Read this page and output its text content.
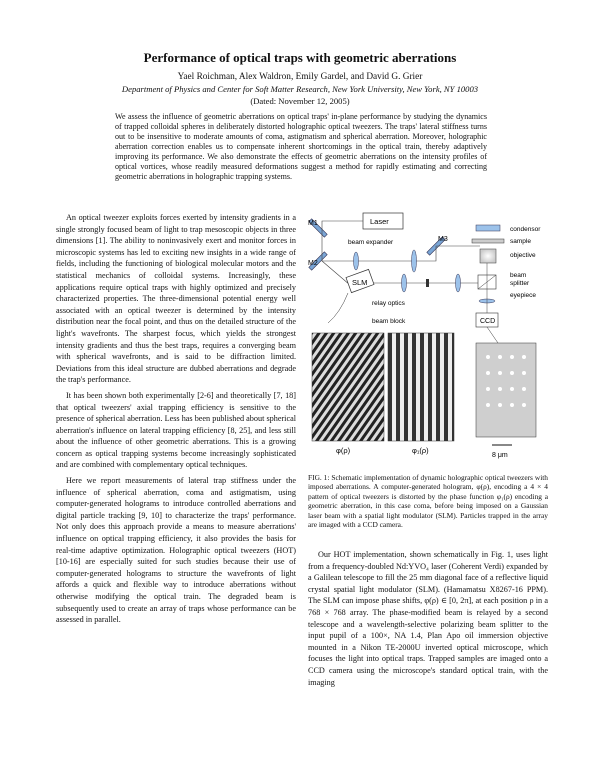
Performance of optical traps with geometric aberrations
Yael Roichman, Alex Waldron, Emily Gardel, and David G. Grier
Department of Physics and Center for Soft Matter Research, New York University, New York, NY 10003
(Dated: November 12, 2005)
We assess the influence of geometric aberrations on optical traps' in-plane performance by studying the dynamics of trapped colloidal spheres in deliberately distorted holographic optical tweezers. The traps' lateral stiffness turns out to be insensitive to moderate amounts of coma, astigmatism and spherical aberration. Moreover, holographic aberration correction enables us to compensate inherent shortcomings in the optical train, thereby adaptively improving its performance. We also demonstrate the effects of geometric aberrations on the intensity profiles of optical vortices, whose readily measured deformations suggest a method for rapidly estimating and correcting geometric aberrations in holographic trapping systems.

An optical tweezer exploits forces exerted by intensity gradients in a single strongly focused beam of light to trap mesoscopic objects in three dimensions [1]. The ability to noninvasively exert and monitor forces in microscopic systems has led to exciting new insights in a wide range of fields, including the functioning of biological molecular motors and the statistical mechanics of colloidal systems. Increasingly, these applications require optical traps with highly optimized and precisely characterized properties. The three-dimensional potential energy well associated with an optical tweezer is determined by the intensity distribution near the focal point, and thus on the detailed structure of the light's wavefronts. The sharpest focus, which yields the strongest intensity gradients and thus the best traps, requires a converging beam with spherical wavefronts, and is said to be diffraction limited. Deviations from this ideal structure are dubbed aberrations and degrade the trap's performance.

It has been shown both experimentally [2-6] and theoretically [7, 18] that optical tweezers' axial trapping efficiency is sensitive to the presence of spherical aberration. Less has been published about spherical aberration's influence on lateral trapping efficiency [8, 25], and less still about the influence of other geometric aberrations. This is a growing concern as optical trapping systems become increasingly sophisticated and are combined with complementary optical techniques.

Here we report measurements of lateral trap stiffness under the influence of spherical aberration, coma and astigmatism, using computer-generated holograms to introduce controlled aberrations and digital particle tracking [9, 10] to characterize the traps' performance. Not only does this approach provide a means to measure aberrations' influence on optical trapping efficiency, it also provides the basis for real-time adaptive optimization. Holographic optical tweezers (HOT) [10-16] are especially suited for such studies because their use of computer-generated holograms to structure the wavefronts of light affords a quick and flexible way to introduce aberrations without otherwise modifying the optical train. The degraded beam is subsequently used to create an array of traps whose performance can be assessed in parallel.

M1
M2
M3
Laser
beam expander
SLM
relay optics
beam block	CCD
condensor
sample
objective
beam
splitter
eyepiece
φ(ρ)	φ₁(ρ)
8 μm
FIG. 1: Schematic implementation of dynamic holographic optical tweezers with imposed aberrations. A computer-generated hologram, φ(ρ), encoding a 4 × 4 pattern of optical tweezers is distorted by the phase function φ₁(ρ) encoding a geometric aberration, in this case coma, before being imposed on a Gaussian laser beam with a spatial light modulator (SLM). Particles trapped in the array are imaged with a CCD camera.

Our HOT implementation, shown schematically in Fig. 1, uses light from a frequency-doubled Nd:YVO₄ laser (Coherent Verdi) expanded by a Galilean telescope to fill the 25 mm diagonal face of a reflective liquid crystal spatial light modulator (SLM). (Hamamatsu X8267-16 PPM). The SLM can impose phase shifts, φ(ρ) ∈ [0, 2π], at each position ρ in a 768 × 768 array. The phase-modified beam is relayed by a second telescope and a wavelength-selective polarizing beam splitter to the input pupil of a 100×, NA 1.4, Plan Apo oil immersion objective mounted in a Nikon TE-2000U inverted optical microscope, which focuses the light into optical traps. Trapped samples are imaged onto a CCD camera using the microscope's standard optical train, with the imaging
